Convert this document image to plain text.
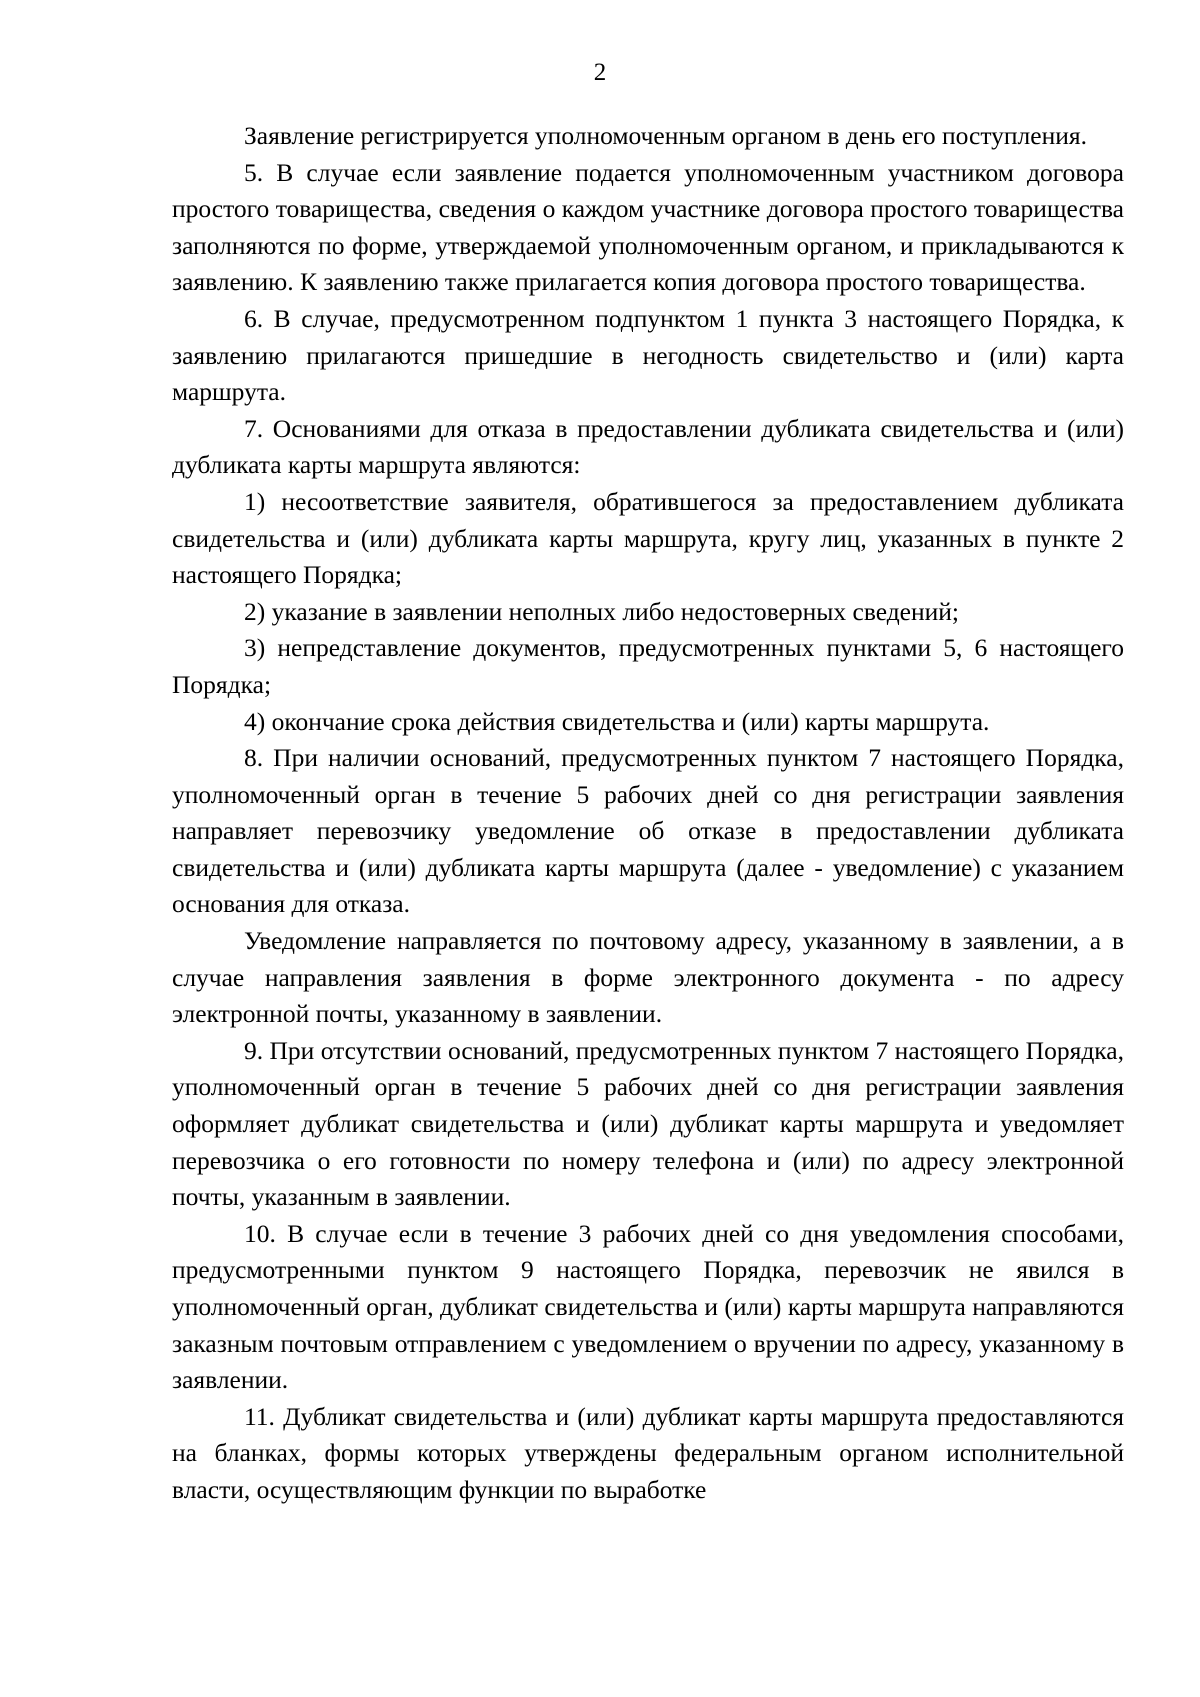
2

Заявление регистрируется уполномоченным органом в день его поступления.

5. В случае если заявление подается уполномоченным участником договора простого товарищества, сведения о каждом участнике договора простого товарищества заполняются по форме, утверждаемой уполномоченным органом, и прикладываются к заявлению. К заявлению также прилагается копия договора простого товарищества.

6. В случае, предусмотренном подпунктом 1 пункта 3 настоящего Порядка, к заявлению прилагаются пришедшие в негодность свидетельство и (или) карта маршрута.

7. Основаниями для отказа в предоставлении дубликата свидетельства и (или) дубликата карты маршрута являются:

1) несоответствие заявителя, обратившегося за предоставлением дубликата свидетельства и (или) дубликата карты маршрута, кругу лиц, указанных в пункте 2 настоящего Порядка;

2) указание в заявлении неполных либо недостоверных сведений;

3) непредставление документов, предусмотренных пунктами 5, 6 настоящего Порядка;

4) окончание срока действия свидетельства и (или) карты маршрута.

8. При наличии оснований, предусмотренных пунктом 7 настоящего Порядка, уполномоченный орган в течение 5 рабочих дней со дня регистрации заявления направляет перевозчику уведомление об отказе в предоставлении дубликата свидетельства и (или) дубликата карты маршрута (далее - уведомление) с указанием основания для отказа.

Уведомление направляется по почтовому адресу, указанному в заявлении, а в случае направления заявления в форме электронного документа - по адресу электронной почты, указанному в заявлении.

9. При отсутствии оснований, предусмотренных пунктом 7 настоящего Порядка, уполномоченный орган в течение 5 рабочих дней со дня регистрации заявления оформляет дубликат свидетельства и (или) дубликат карты маршрута и уведомляет перевозчика о его готовности по номеру телефона и (или) по адресу электронной почты, указанным в заявлении.

10. В случае если в течение 3 рабочих дней со дня уведомления способами, предусмотренными пунктом 9 настоящего Порядка, перевозчик не явился в уполномоченный орган, дубликат свидетельства и (или) карты маршрута направляются заказным почтовым отправлением с уведомлением о вручении по адресу, указанному в заявлении.

11. Дубликат свидетельства и (или) дубликат карты маршрута предоставляются на бланках, формы которых утверждены федеральным органом исполнительной власти, осуществляющим функции по выработке
